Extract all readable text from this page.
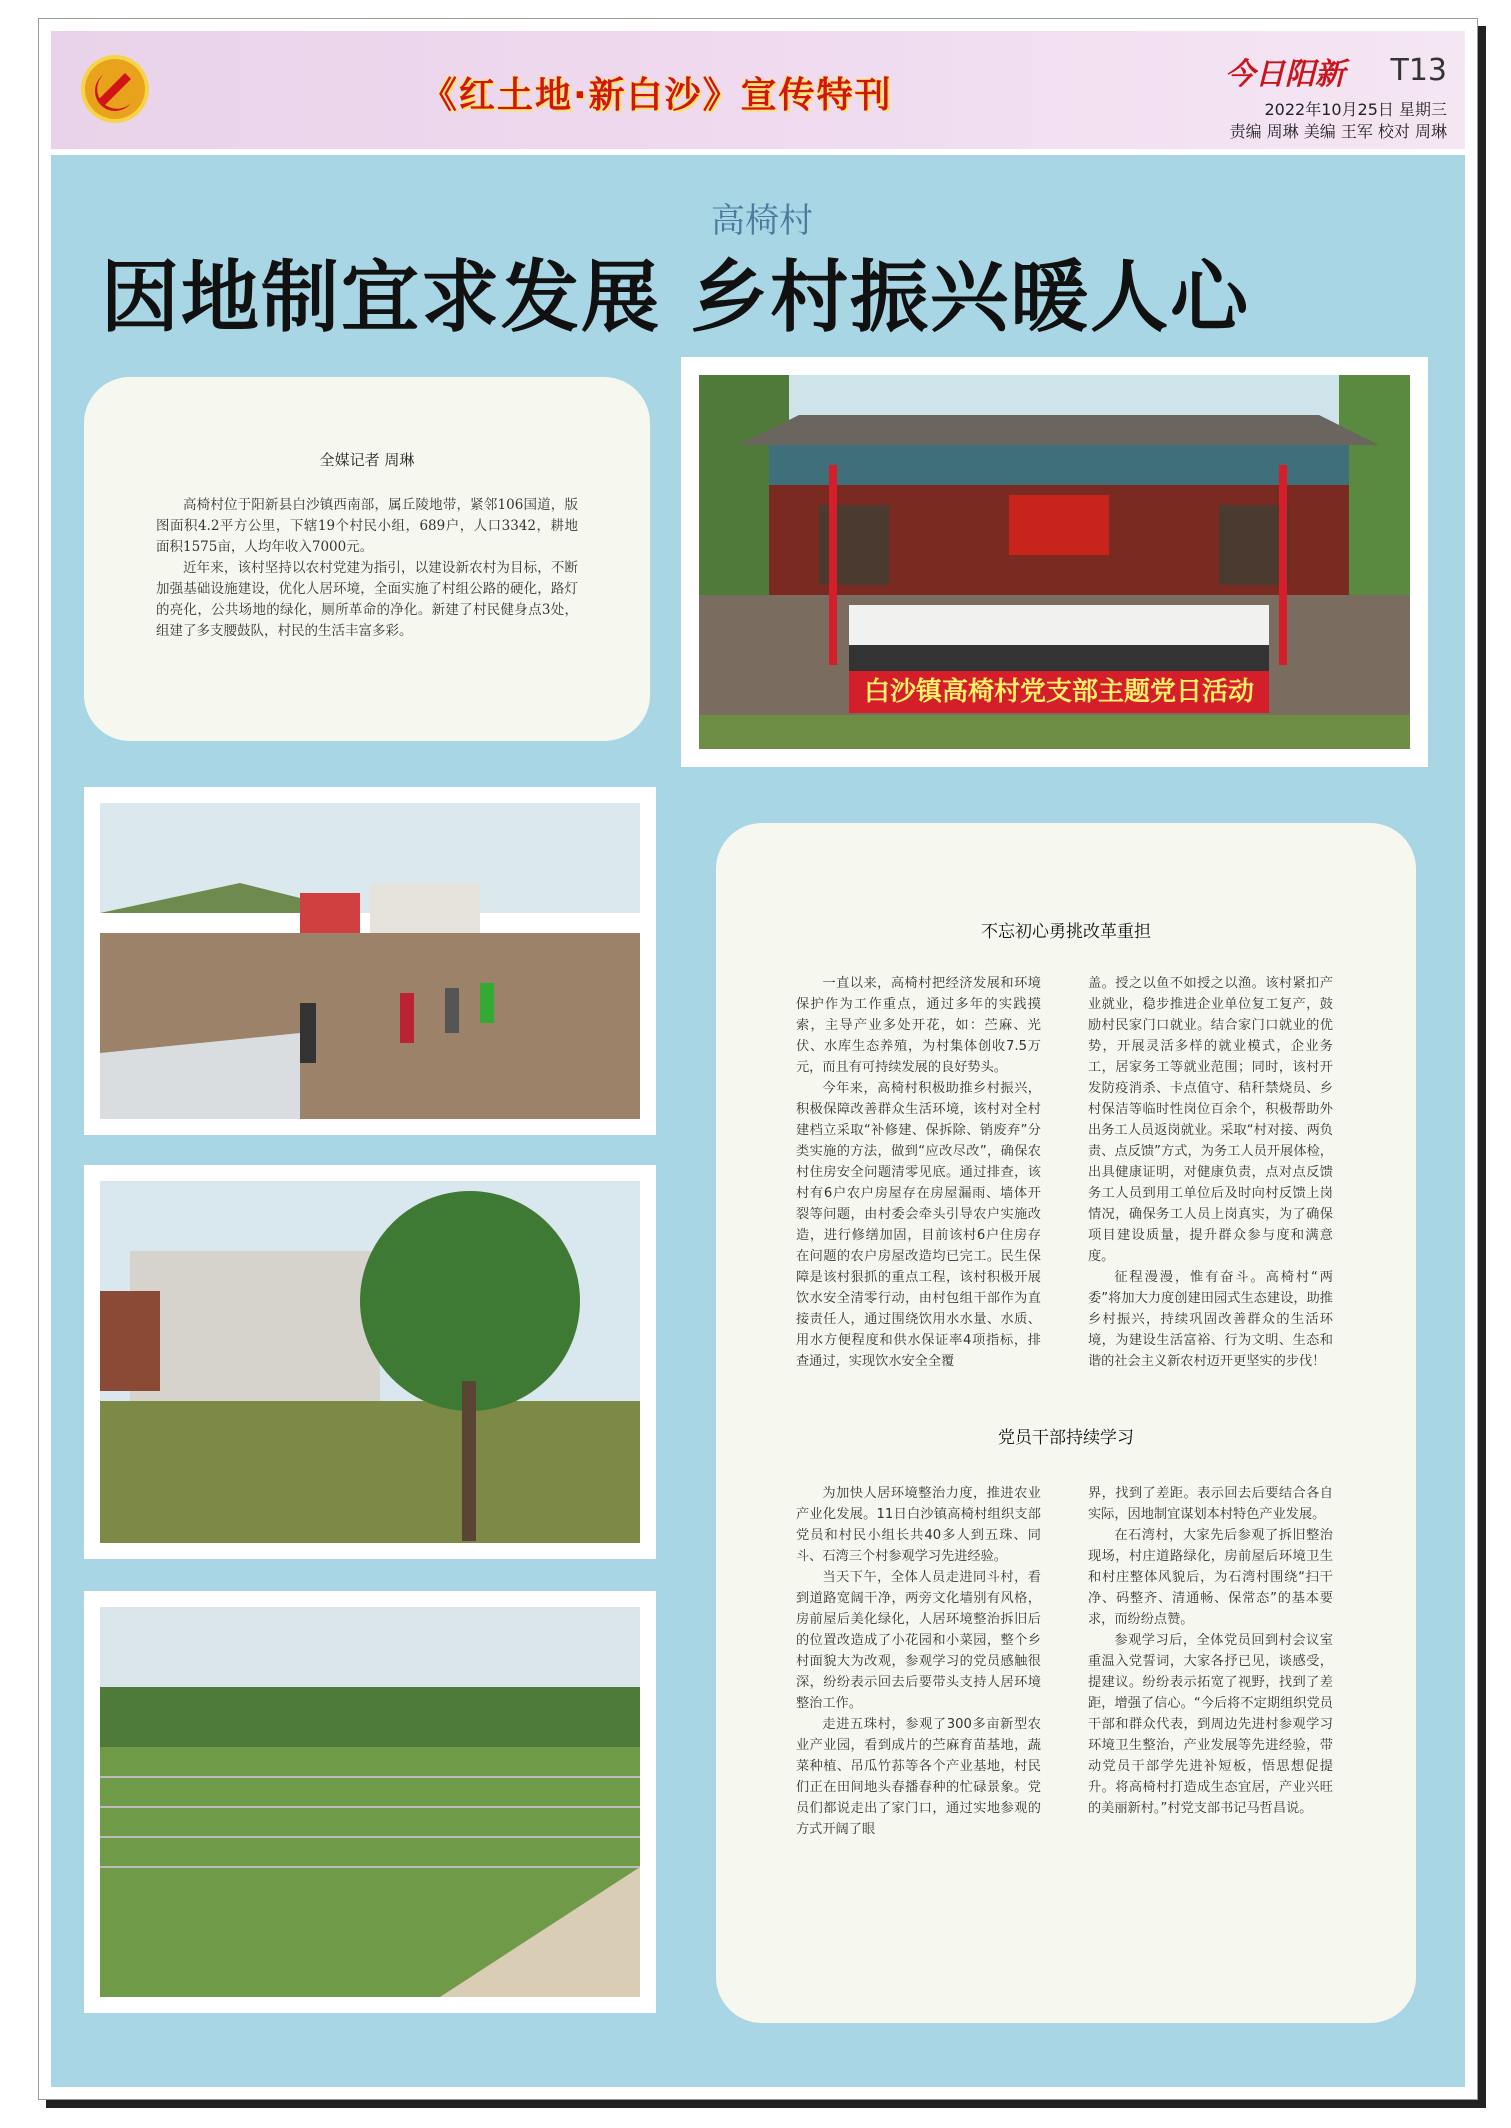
《红土地·新白沙》宣传特刊
今日阳新 T13
2022年10月25日 星期三
责编 周琳 美编 王军 校对 周琳
高椅村
因地制宜求发展 乡村振兴暖人心
全媒记者 周琳

高椅村位于阳新县白沙镇西南部，属丘陵地带，紧邻106国道，版图面积4.2平方公里，下辖19个村民小组，689户，人口3342，耕地面积1575亩，人均年收入7000元。

近年来，该村坚持以农村党建为指引，以建设新农村为目标，不断加强基础设施建设，优化人居环境，全面实施了村组公路的硬化，路灯的亮化，公共场地的绿化，厕所革命的净化。新建了村民健身点3处，组建了多支腰鼓队，村民的生活丰富多彩。

白沙镇高椅村党支部主题党日活动
不忘初心勇挑改革重担

一直以来，高椅村把经济发展和环境保护作为工作重点，通过多年的实践摸索，主导产业多处开花，如：苎麻、光伏、水库生态养殖，为村集体创收7.5万元，而且有可持续发展的良好势头。

今年来，高椅村积极助推乡村振兴，积极保障改善群众生活环境，该村对全村建档立采取“补修建、保拆除、销废弃”分类实施的方法，做到“应改尽改”，确保农村住房安全问题清零见底。通过排查，该村有6户农户房屋存在房屋漏雨、墙体开裂等问题，由村委会牵头引导农户实施改造，进行修缮加固，目前该村6户住房存在问题的农户房屋改造均已完工。民生保障是该村狠抓的重点工程，该村积极开展饮水安全清零行动，由村包组干部作为直接责任人，通过围绕饮用水水量、水质、用水方便程度和供水保证率4项指标，排查通过，实现饮水安全全覆

盖。授之以鱼不如授之以渔。该村紧扣产业就业，稳步推进企业单位复工复产，鼓励村民家门口就业。结合家门口就业的优势，开展灵活多样的就业模式，企业务工，居家务工等就业范围；同时，该村开发防疫消杀、卡点值守、秸秆禁烧员、乡村保洁等临时性岗位百余个，积极帮助外出务工人员返岗就业。采取“村对接、两负责、点反馈”方式，为务工人员开展体检，出具健康证明，对健康负责，点对点反馈务工人员到用工单位后及时向村反馈上岗情况，确保务工人员上岗真实，为了确保项目建设质量，提升群众参与度和满意度。

征程漫漫，惟有奋斗。高椅村“两委”将加大力度创建田园式生态建设，助推乡村振兴，持续巩固改善群众的生活环境，为建设生活富裕、行为文明、生态和谐的社会主义新农村迈开更坚实的步伐！

党员干部持续学习

为加快人居环境整治力度，推进农业产业化发展。11日白沙镇高椅村组织支部党员和村民小组长共40多人到五珠、同斗、石湾三个村参观学习先进经验。

当天下午，全体人员走进同斗村，看到道路宽阔干净，两旁文化墙别有风格，房前屋后美化绿化，人居环境整治拆旧后的位置改造成了小花园和小菜园，整个乡村面貌大为改观，参观学习的党员感触很深，纷纷表示回去后要带头支持人居环境整治工作。

走进五珠村，参观了300多亩新型农业产业园，看到成片的苎麻育苗基地，蔬菜种植、吊瓜竹荪等各个产业基地，村民们正在田间地头春播春种的忙碌景象。党员们都说走出了家门口，通过实地参观的方式开阔了眼

界，找到了差距。表示回去后要结合各自实际，因地制宜谋划本村特色产业发展。

在石湾村，大家先后参观了拆旧整治现场，村庄道路绿化，房前屋后环境卫生和村庄整体风貌后，为石湾村围绕“扫干净、码整齐、清通畅、保常态”的基本要求，而纷纷点赞。

参观学习后，全体党员回到村会议室重温入党誓词，大家各抒已见，谈感受，提建议。纷纷表示拓宽了视野，找到了差距，增强了信心。“今后将不定期组织党员干部和群众代表，到周边先进村参观学习环境卫生整治，产业发展等先进经验，带动党员干部学先进补短板，悟思想促提升。将高椅村打造成生态宜居，产业兴旺的美丽新村。”村党支部书记马哲昌说。
